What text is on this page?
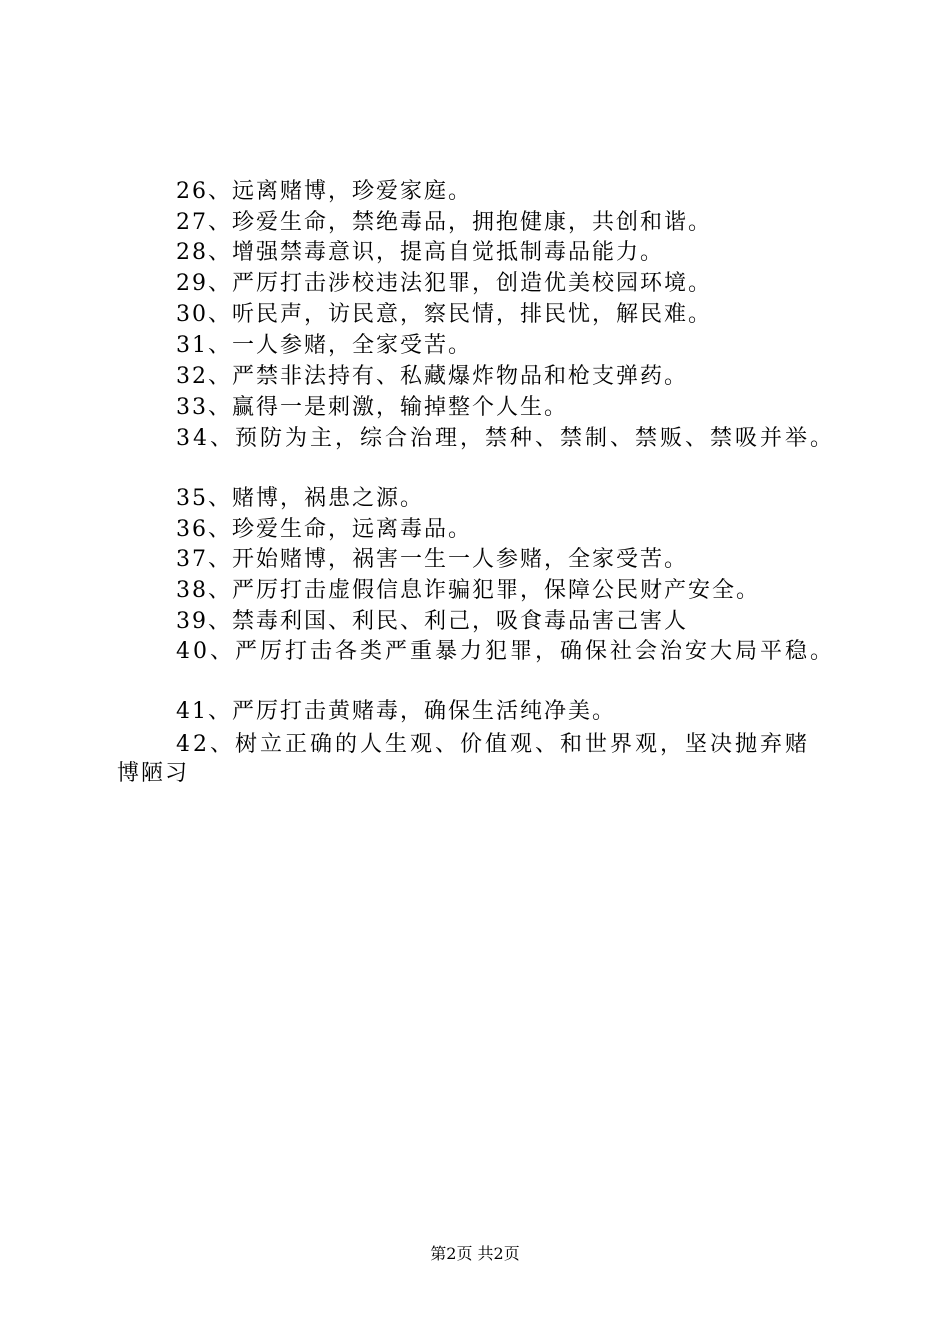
26、远离赌博，珍爱家庭。
27、珍爱生命，禁绝毒品，拥抱健康，共创和谐。
28、增强禁毒意识，提高自觉抵制毒品能力。
29、严厉打击涉校违法犯罪，创造优美校园环境。
30、听民声，访民意，察民情，排民忧，解民难。
31、一人参赌，全家受苦。
32、严禁非法持有、私藏爆炸物品和枪支弹药。
33、赢得一是刺激，输掉整个人生。
34、预防为主，综合治理，禁种、禁制、禁贩、禁吸并举。
35、赌博，祸患之源。
36、珍爱生命，远离毒品。
37、开始赌博，祸害一生一人参赌，全家受苦。
38、严厉打击虚假信息诈骗犯罪，保障公民财产安全。
39、禁毒利国、利民、利己，吸食毒品害己害人
40、严厉打击各类严重暴力犯罪，确保社会治安大局平稳。
41、严厉打击黄赌毒，确保生活纯净美。
42、树立正确的人生观、价值观、和世界观，坚决抛弃赌
博陋习
第2页 共2页
